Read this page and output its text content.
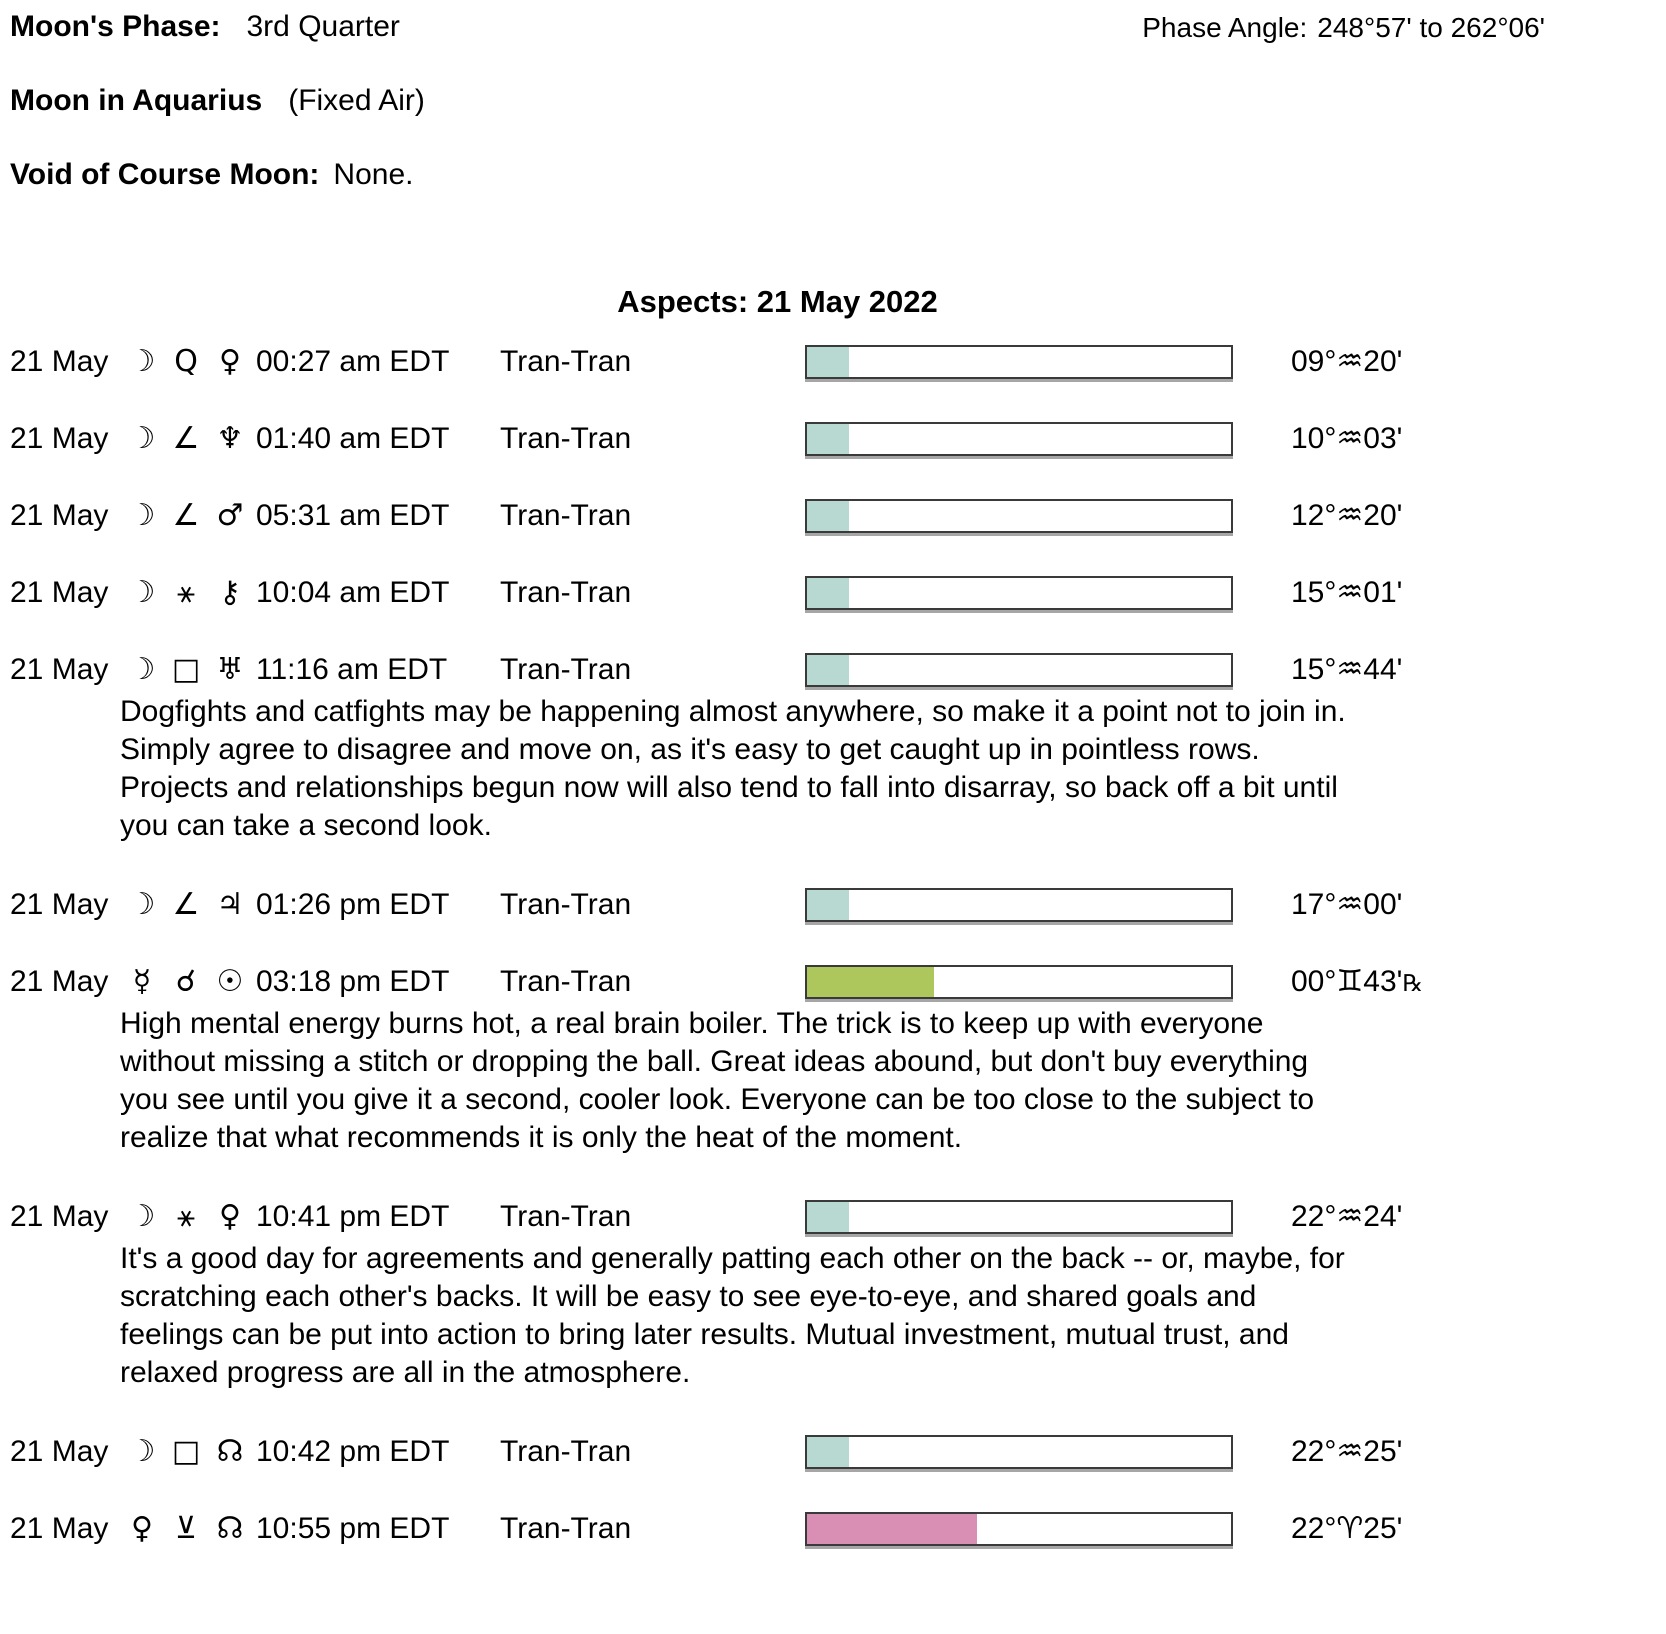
Moon's Phase: 3rd Quarter	Phase Angle: 248°57' to 262°06'
Moon in Aquarius (Fixed Air)
Void of Course Moon: None.
Aspects: 21 May 2022
21 May ☽ Q ♀ 00:27 am EDT	Tran-Tran	09°♒20'
21 May ☽ ∠ ♆ 01:40 am EDT	Tran-Tran	10°♒03'
21 May ☽ ∠ ♂ 05:31 am EDT	Tran-Tran	12°♒20'
21 May ☽ ⚹ ⚷ 10:04 am EDT	Tran-Tran	15°♒01'
21 May ☽ □ ♅ 11:16 am EDT	Tran-Tran	15°♒44'
Dogfights and catfights may be happening almost anywhere, so make it a point not to join in.
Simply agree to disagree and move on, as it's easy to get caught up in pointless rows.
Projects and relationships begun now will also tend to fall into disarray, so back off a bit until
you can take a second look.
21 May ☽ ∠ ♃ 01:26 pm EDT	Tran-Tran	17°♒00'
21 May ☿ ☌ ☉ 03:18 pm EDT	Tran-Tran	00°♊43'℞
High mental energy burns hot, a real brain boiler. The trick is to keep up with everyone
without missing a stitch or dropping the ball. Great ideas abound, but don't buy everything
you see until you give it a second, cooler look. Everyone can be too close to the subject to
realize that what recommends it is only the heat of the moment.
21 May ☽ ⚹ ♀ 10:41 pm EDT	Tran-Tran	22°♒24'
It's a good day for agreements and generally patting each other on the back -- or, maybe, for
scratching each other's backs. It will be easy to see eye-to-eye, and shared goals and
feelings can be put into action to bring later results. Mutual investment, mutual trust, and
relaxed progress are all in the atmosphere.
21 May ☽ □ ☊ 10:42 pm EDT	Tran-Tran	22°♒25'
21 May ♀ ⊻ ☊ 10:55 pm EDT	Tran-Tran	22°♈25'
